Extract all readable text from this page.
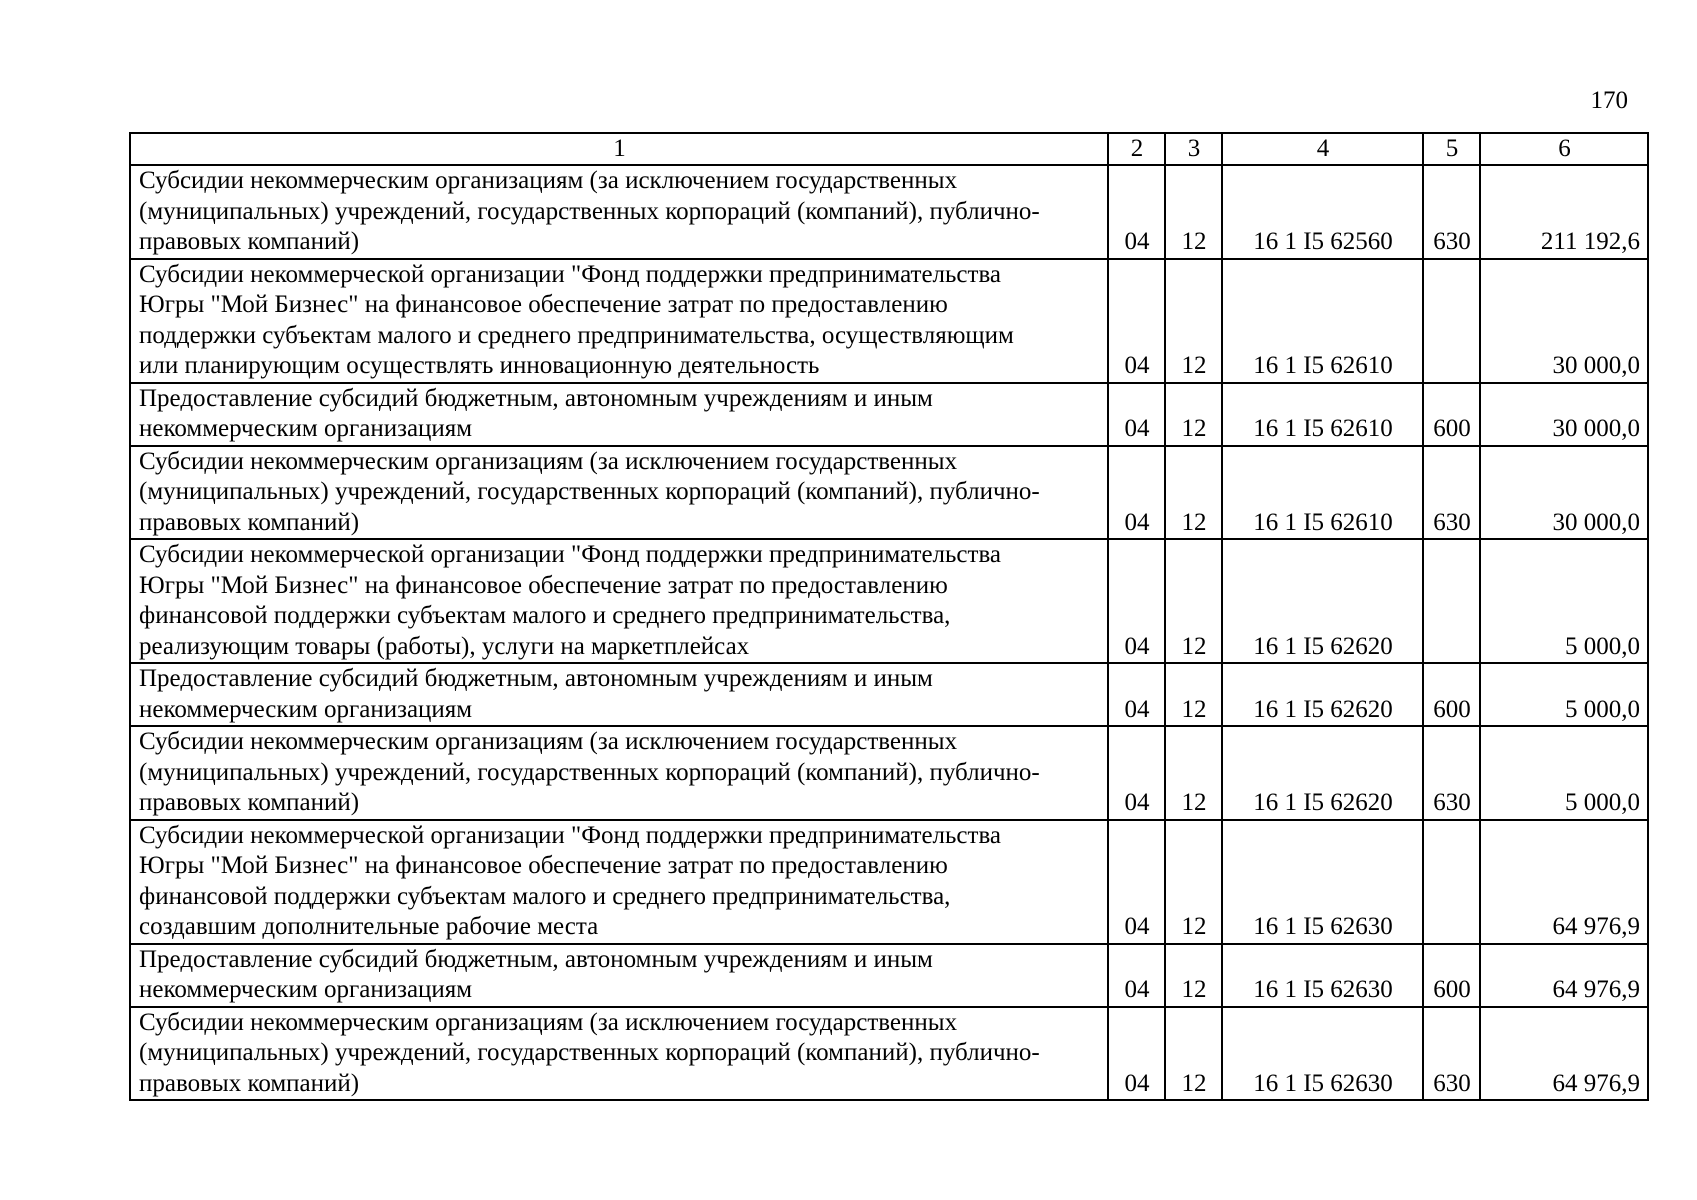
170
1	2	3	4	5	6
Субсидии некоммерческим организациям (за исключением государственных
(муниципальных) учреждений, государственных корпораций (компаний), публично-
правовых компаний)	04	12	16 1 I5 62560	630	211 192,6
Субсидии некоммерческой организации "Фонд поддержки предпринимательства
Югры "Мой Бизнес" на финансовое обеспечение затрат по предоставлению
поддержки субъектам малого и среднего предпринимательства, осуществляющим
или планирующим осуществлять инновационную деятельность	04	12	16 1 I5 62610		30 000,0
Предоставление субсидий бюджетным, автономным учреждениям и иным
некоммерческим организациям	04	12	16 1 I5 62610	600	30 000,0
Субсидии некоммерческим организациям (за исключением государственных
(муниципальных) учреждений, государственных корпораций (компаний), публично-
правовых компаний)	04	12	16 1 I5 62610	630	30 000,0
Субсидии некоммерческой организации "Фонд поддержки предпринимательства
Югры "Мой Бизнес" на финансовое обеспечение затрат по предоставлению
финансовой поддержки субъектам малого и среднего предпринимательства,
реализующим товары (работы), услуги на маркетплейсах	04	12	16 1 I5 62620		5 000,0
Предоставление субсидий бюджетным, автономным учреждениям и иным
некоммерческим организациям	04	12	16 1 I5 62620	600	5 000,0
Субсидии некоммерческим организациям (за исключением государственных
(муниципальных) учреждений, государственных корпораций (компаний), публично-
правовых компаний)	04	12	16 1 I5 62620	630	5 000,0
Субсидии некоммерческой организации "Фонд поддержки предпринимательства
Югры "Мой Бизнес" на финансовое обеспечение затрат по предоставлению
финансовой поддержки субъектам малого и среднего предпринимательства,
создавшим дополнительные рабочие места	04	12	16 1 I5 62630		64 976,9
Предоставление субсидий бюджетным, автономным учреждениям и иным
некоммерческим организациям	04	12	16 1 I5 62630	600	64 976,9
Субсидии некоммерческим организациям (за исключением государственных
(муниципальных) учреждений, государственных корпораций (компаний), публично-
правовых компаний)	04	12	16 1 I5 62630	630	64 976,9
